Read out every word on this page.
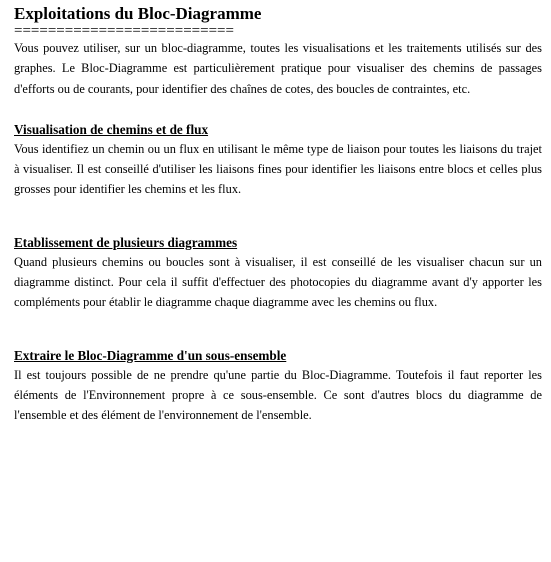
Exploitations du Bloc-Diagramme
==========================

Vous pouvez utiliser, sur un bloc-diagramme, toutes les visualisations et les traitements utilisés sur des graphes. Le Bloc-Diagramme est particulièrement pratique pour visualiser des chemins de passages d'efforts ou de courants, pour identifier des chaînes de cotes, des boucles de contraintes, etc.

Visualisation de chemins et de flux

Vous identifiez un chemin ou un flux en utilisant le même type de liaison pour toutes les liaisons du trajet à visualiser. Il est conseillé d'utiliser les liaisons fines pour identifier les liaisons entre blocs et celles plus grosses pour identifier les chemins et les flux.

Etablissement de plusieurs diagrammes

Quand plusieurs chemins ou boucles sont à visualiser, il est conseillé de les visualiser chacun sur un diagramme distinct. Pour cela il suffit d'effectuer des photocopies du diagramme avant d'y apporter les compléments pour établir le diagramme chaque diagramme avec les chemins ou flux.

Extraire le Bloc-Diagramme d'un sous-ensemble

Il est toujours possible de ne prendre qu'une partie du Bloc-Diagramme. Toutefois il faut reporter les éléments de l'Environnement propre à ce sous-ensemble. Ce sont d'autres blocs du diagramme de l'ensemble et des élément de l'environnement de l'ensemble.
